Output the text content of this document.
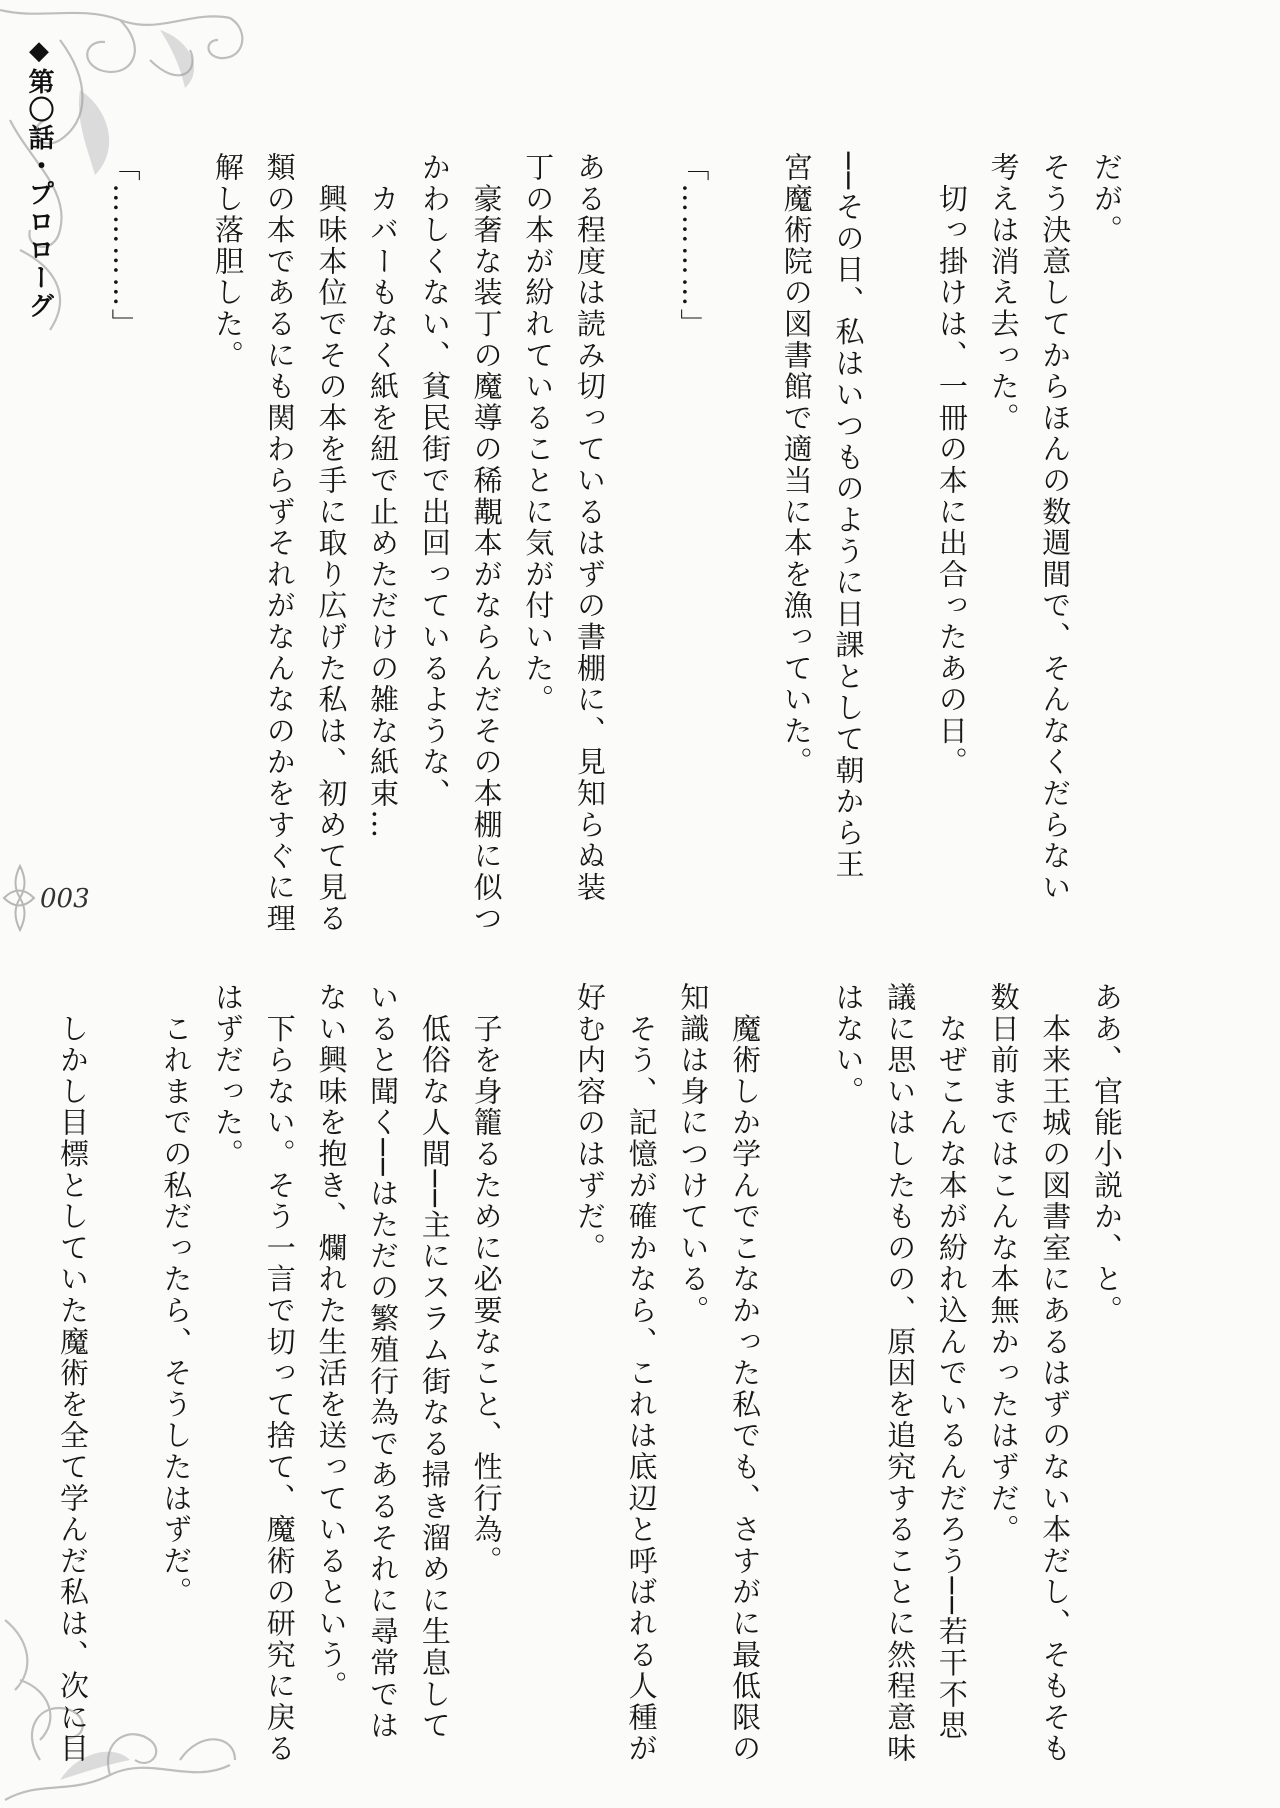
◆第〇話・プロローグ
003

だが。

そう決意してからほんの数週間で、そんなくだらない

考えは消え去った。

　切っ掛けは、一冊の本に出合ったあの日。

──その日、私はいつものように日課として朝から王

宮魔術院の図書館で適当に本を漁っていた。

「…………」

ある程度は読み切っているはずの書棚に、見知らぬ装

丁の本が紛れていることに気が付いた。

　豪奢な装丁の魔導の稀覯本がならんだその本棚に似つ

かわしくない、貧民街で出回っているような、

　カバーもなく紙を紐で止めただけの雑な紙束…

　興味本位でその本を手に取り広げた私は、初めて見る

類の本であるにも関わらずそれがなんなのかをすぐに理

解し落胆した。

「…………」

ああ、官能小説か、と。

　本来王城の図書室にあるはずのない本だし、そもそも

数日前まではこんな本無かったはずだ。

　なぜこんな本が紛れ込んでいるんだろう──若干不思

議に思いはしたものの、原因を追究することに然程意味

はない。

　魔術しか学んでこなかった私でも、さすがに最低限の

知識は身につけている。

　そう、記憶が確かなら、これは底辺と呼ばれる人種が

好む内容のはずだ。

　子を身籠るために必要なこと、性行為。

　低俗な人間──主にスラム街なる掃き溜めに生息して

いると聞く──はただの繁殖行為であるそれに尋常では

ない興味を抱き、爛れた生活を送っているという。

　下らない。そう一言で切って捨て、魔術の研究に戻る

はずだった。

　これまでの私だったら、そうしたはずだ。

　しかし目標としていた魔術を全て学んだ私は、次に目
